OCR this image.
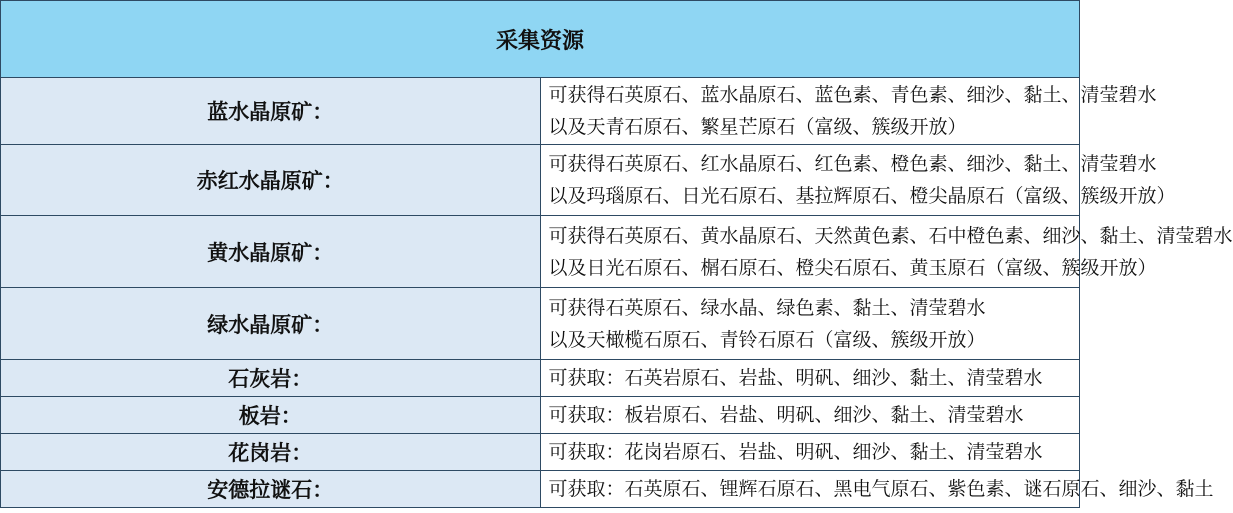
采集资源	
蓝水晶原矿：	可获得石英原石、蓝水晶原石、蓝色素、青色素、细沙、黏土、清莹碧水
以及天青石原石、繁星芒原石（富级、簇级开放）

赤红水晶原矿：	可获得石英原石、红水晶原石、红色素、橙色素、细沙、黏土、清莹碧水
以及玛瑙原石、日光石原石、基拉辉原石、橙尖晶原石（富级、簇级开放）

黄水晶原矿：	可获得石英原石、黄水晶原石、天然黄色素、石中橙色素、细沙、黏土、清莹碧水
以及日光石原石、榍石原石、橙尖石原石、黄玉原石（富级、簇级开放）

绿水晶原矿：	可获得石英原石、绿水晶、绿色素、黏土、清莹碧水
以及天橄榄石原石、青铃石原石（富级、簇级开放）

石灰岩：	可获取：石英岩原石、岩盐、明矾、细沙、黏土、清莹碧水

板岩：	可获取：板岩原石、岩盐、明矾、细沙、黏土、清莹碧水

花岗岩：	可获取：花岗岩原石、岩盐、明矾、细沙、黏土、清莹碧水

安德拉谜石：	可获取：石英原石、锂辉石原石、黑电气原石、紫色素、谜石原石、细沙、黏土
